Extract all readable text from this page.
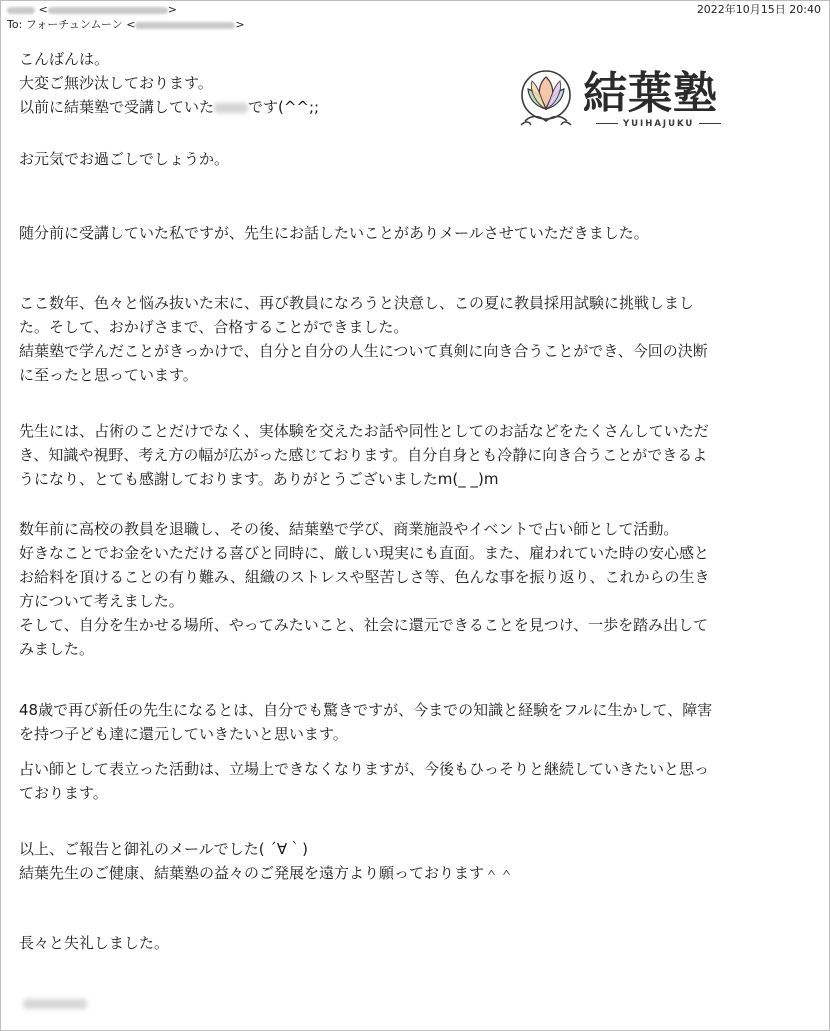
<	>
To: フォーチュンムーン <	>
2022年10月15日 20:40
結葉塾
YUIHAJUKU

こんばんは。

大変ご無沙汰しております。

以前に結葉塾で受講していた です(^^;;

お元気でお過ごしでしょうか。

随分前に受講していた私ですが、先生にお話したいことがありメールさせていただきました。

ここ数年、色々と悩み抜いた末に、再び教員になろうと決意し、この夏に教員採用試験に挑戦しまし

た。そして、おかげさまで、合格することができました。

結葉塾で学んだことがきっかけで、自分と自分の人生について真剣に向き合うことができ、今回の決断

に至ったと思っています。

先生には、占術のことだけでなく、実体験を交えたお話や同性としてのお話などをたくさんしていただ

き、知識や視野、考え方の幅が広がった感じております。自分自身とも冷静に向き合うことができるよ

うになり、とても感謝しております。ありがとうございましたm(_ _)m

数年前に高校の教員を退職し、その後、結葉塾で学び、商業施設やイベントで占い師として活動。

好きなことでお金をいただける喜びと同時に、厳しい現実にも直面。また、雇われていた時の安心感と

お給料を頂けることの有り難み、組織のストレスや堅苦しさ等、色んな事を振り返り、これからの生き

方について考えました。

そして、自分を生かせる場所、やってみたいこと、社会に還元できることを見つけ、一歩を踏み出して

みました。

48歳で再び新任の先生になるとは、自分でも驚きですが、今までの知識と経験をフルに生かして、障害

を持つ子ども達に還元していきたいと思います。

占い師として表立った活動は、立場上できなくなりますが、今後もひっそりと継続していきたいと思っ

ております。

以上、ご報告と御礼のメールでした( ´∀｀)

結葉先生のご健康、結葉塾の益々のご発展を遠方より願っております＾＾

長々と失礼しました。
